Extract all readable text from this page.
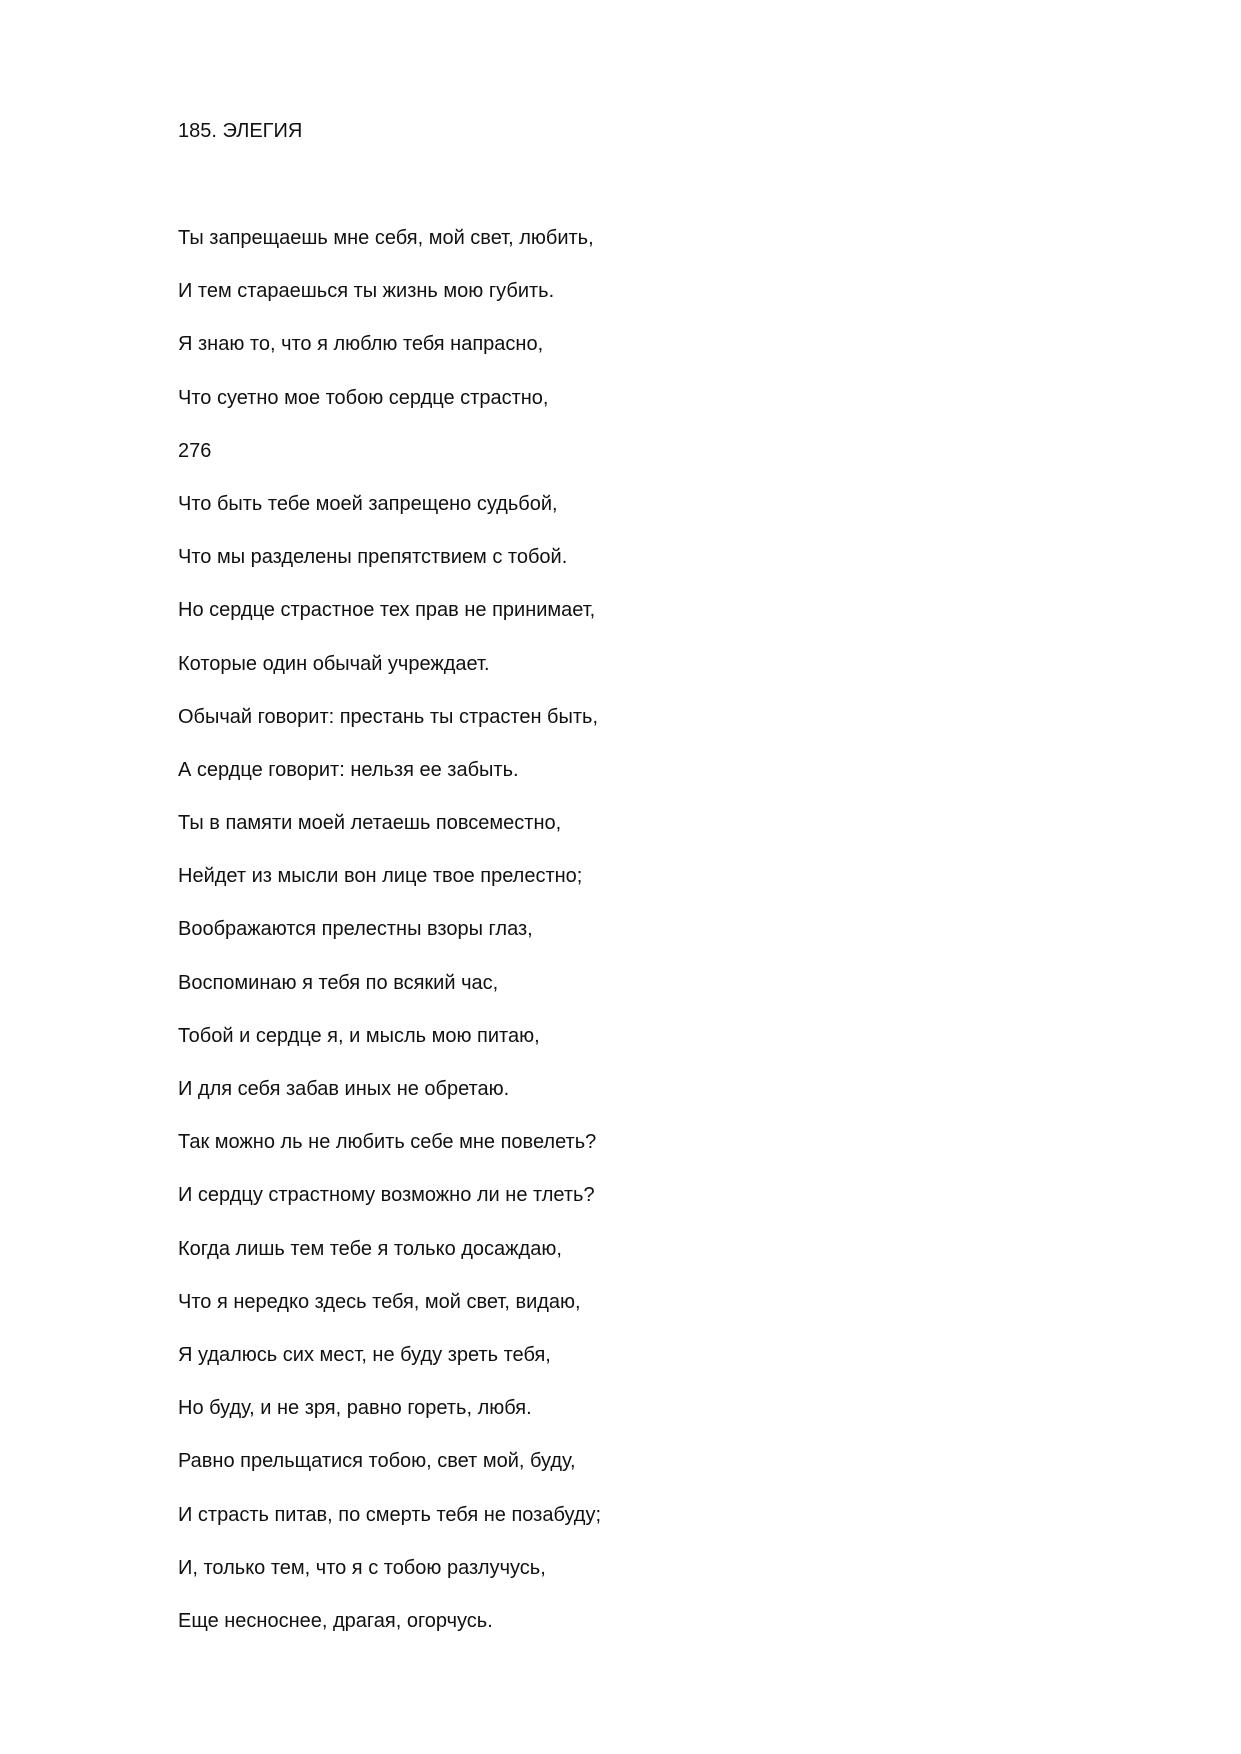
185. ЭЛЕГИЯ
Ты запрещаешь мне себя, мой свет, любить,
И тем стараешься ты жизнь мою губить.
Я знаю то, что я люблю тебя напрасно,
Что суетно мое тобою сердце страстно,
276
Что быть тебе моей запрещено судьбой,
Что мы разделены препятствием с тобой.
Но сердце страстное тех прав не принимает,
Которые один обычай учреждает.
Обычай говорит: престань ты страстен быть,
А сердце говорит: нельзя ее забыть.
Ты в памяти моей летаешь повсеместно,
Нейдет из мысли вон лице твое прелестно;
Воображаются прелестны взоры глаз,
Воспоминаю я тебя по всякий час,
Тобой и сердце я, и мысль мою питаю,
И для себя забав иных не обретаю.
Так можно ль не любить себе мне повелеть?
И сердцу страстному возможно ли не тлеть?
Когда лишь тем тебе я только досаждаю,
Что я нередко здесь тебя, мой свет, видаю,
Я удалюсь сих мест, не буду зреть тебя,
Но буду, и не зря, равно гореть, любя.
Равно прельщатися тобою, свет мой, буду,
И страсть питав, по смерть тебя не позабуду;
И, только тем, что я с тобою разлучусь,
Еще несноснее, драгая, огорчусь.
